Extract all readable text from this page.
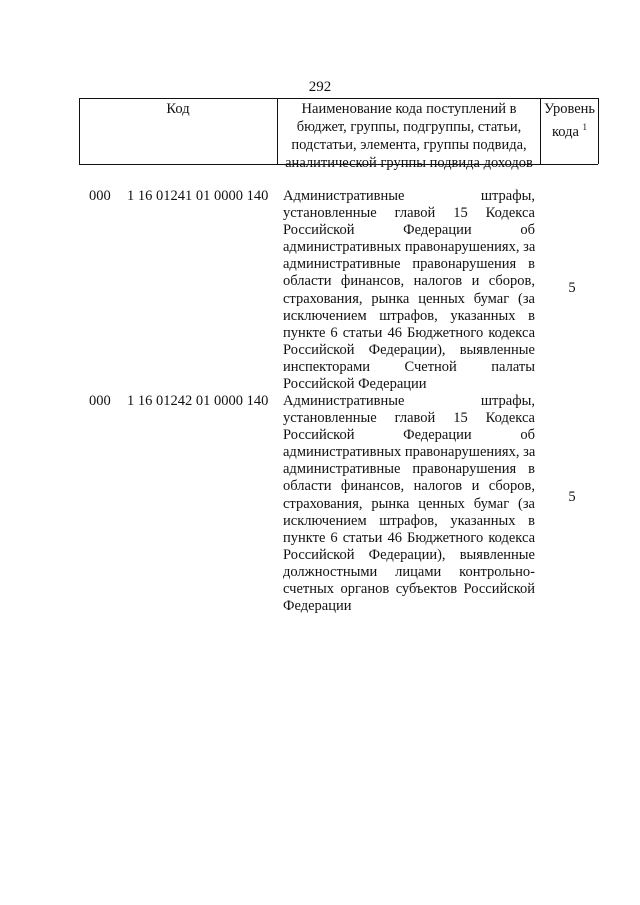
292
Код	Наименование кода поступлений в
бюджет, группы, подгруппы, статьи,
подстатьи, элемента, группы подвида,
аналитической группы подвида доходов
Уровень
кода $^1$
000 1 16 01241 01 0000 140 Административные штрафы,
установленные главой 15 Кодекса
Российской Федерации об
административных правонарушениях, за
административные правонарушения в
области финансов, налогов и сборов,
страхования, рынка ценных бумаг (за
исключением штрафов, указанных в
пункте 6 статьи 46 Бюджетного кодекса
Российской Федерации), выявленные
инспекторами Счетной палаты
Российской Федерации
5
000 1 16 01242 01 0000 140 Административные штрафы,
установленные главой 15 Кодекса
Российской Федерации об
административных правонарушениях, за
административные правонарушения в
области финансов, налогов и сборов,
страхования, рынка ценных бумаг (за
исключением штрафов, указанных в
пункте 6 статьи 46 Бюджетного кодекса
Российской Федерации), выявленные
должностными лицами контрольно-
счетных органов субъектов Российской
Федерации
5
